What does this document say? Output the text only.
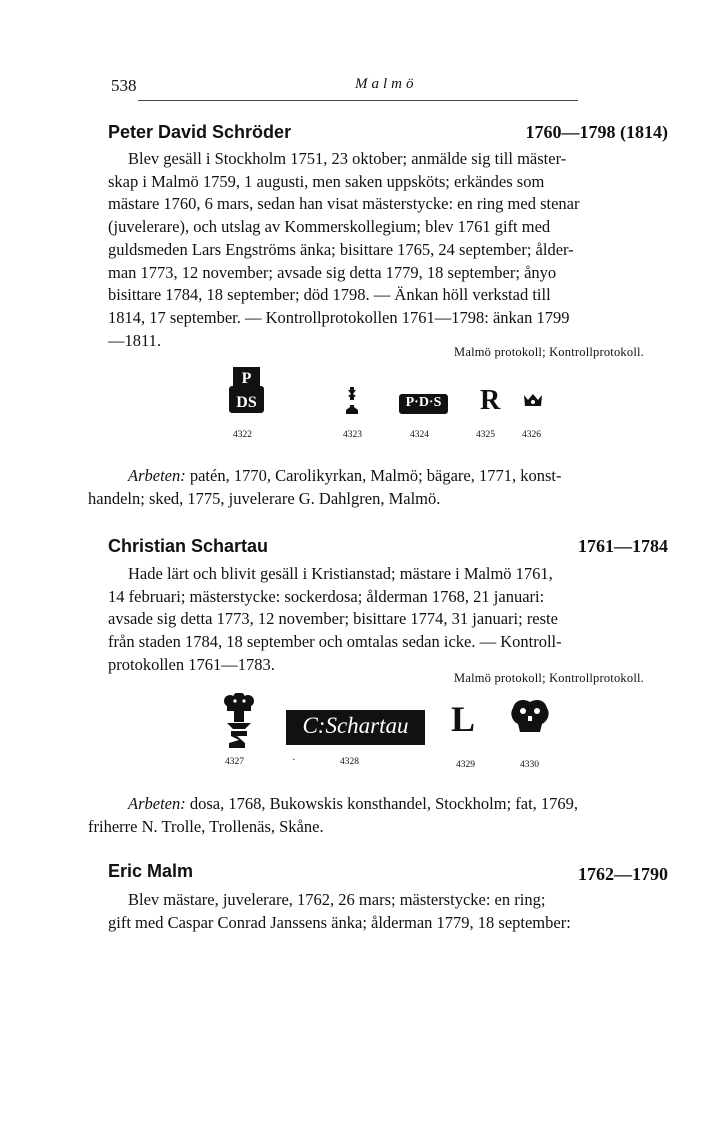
538	Malmö
Peter David Schröder	1760—1798 (1814)
Blev gesäll i Stockholm 1751, 23 oktober; anmälde sig till mäster-
skap i Malmö 1759, 1 augusti, men saken uppsköts; erkändes som
mästare 1760, 6 mars, sedan han visat mästerstycke: en ring med stenar
(juvelerare), och utslag av Kommerskollegium; blev 1761 gift med
guldsmeden Lars Engströms änka; bisittare 1765, 24 september; ålder-
man 1773, 12 november; avsade sig detta 1779, 18 september; ånyo
bisittare 1784, 18 september; död 1798. — Änkan höll verkstad till
1814, 17 september. — Kontrollprotokollen 1761—1798: änkan 1799
—1811.
Malmö protokoll; Kontrollprotokoll.
P
DS	P·D·S R
4322	4323	4324	4325	4326
Arbeten: patén, 1770, Carolikyrkan, Malmö; bägare, 1771, konst-
handeln; sked, 1775, juvelerare G. Dahlgren, Malmö.
Christian Schartau	1761—1784
Hade lärt och blivit gesäll i Kristianstad; mästare i Malmö 1761,
14 februari; mästerstycke: sockerdosa; ålderman 1768, 21 januari:
avsade sig detta 1773, 12 november; bisittare 1774, 31 januari; reste
från staden 1784, 18 september och omtalas sedan icke. — Kontroll-
protokollen 1761—1783.
Malmö protokoll; Kontrollprotokoll.
C:Schartau	L
4327	·	4328	4329	4330
Arbeten: dosa, 1768, Bukowskis konsthandel, Stockholm; fat, 1769,
friherre N. Trolle, Trollenäs, Skåne.
Eric Malm	1762—1790
Blev mästare, juvelerare, 1762, 26 mars; mästerstycke: en ring;
gift med Caspar Conrad Janssens änka; ålderman 1779, 18 september:
